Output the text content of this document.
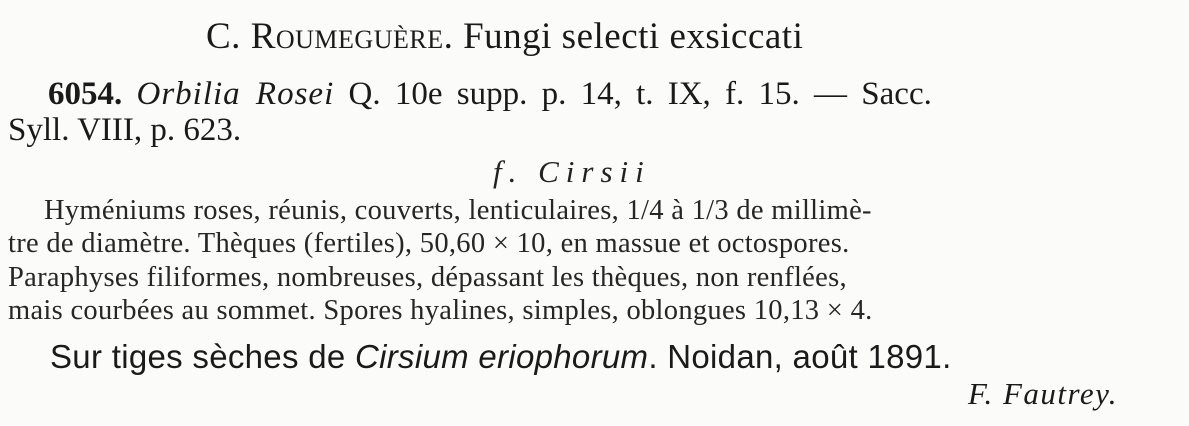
C. Roumeguère. Fungi selecti exsiccati
6054. Orbilia Rosei Q. 10e supp. p. 14, t. IX, f. 15. — Sacc.
Syll. VIII, p. 623.
f. Cirsii
Hyméniums roses, réunis, couverts, lenticulaires, 1/4 à 1/3 de millimè-
tre de diamètre. Thèques (fertiles), 50,60 × 10, en massue et octospores.
Paraphyses filiformes, nombreuses, dépassant les thèques, non renflées,
mais courbées au sommet. Spores hyalines, simples, oblongues 10,13 × 4.
Sur tiges sèches de Cirsium eriophorum. Noidan, août 1891.
F. Fautrey.
